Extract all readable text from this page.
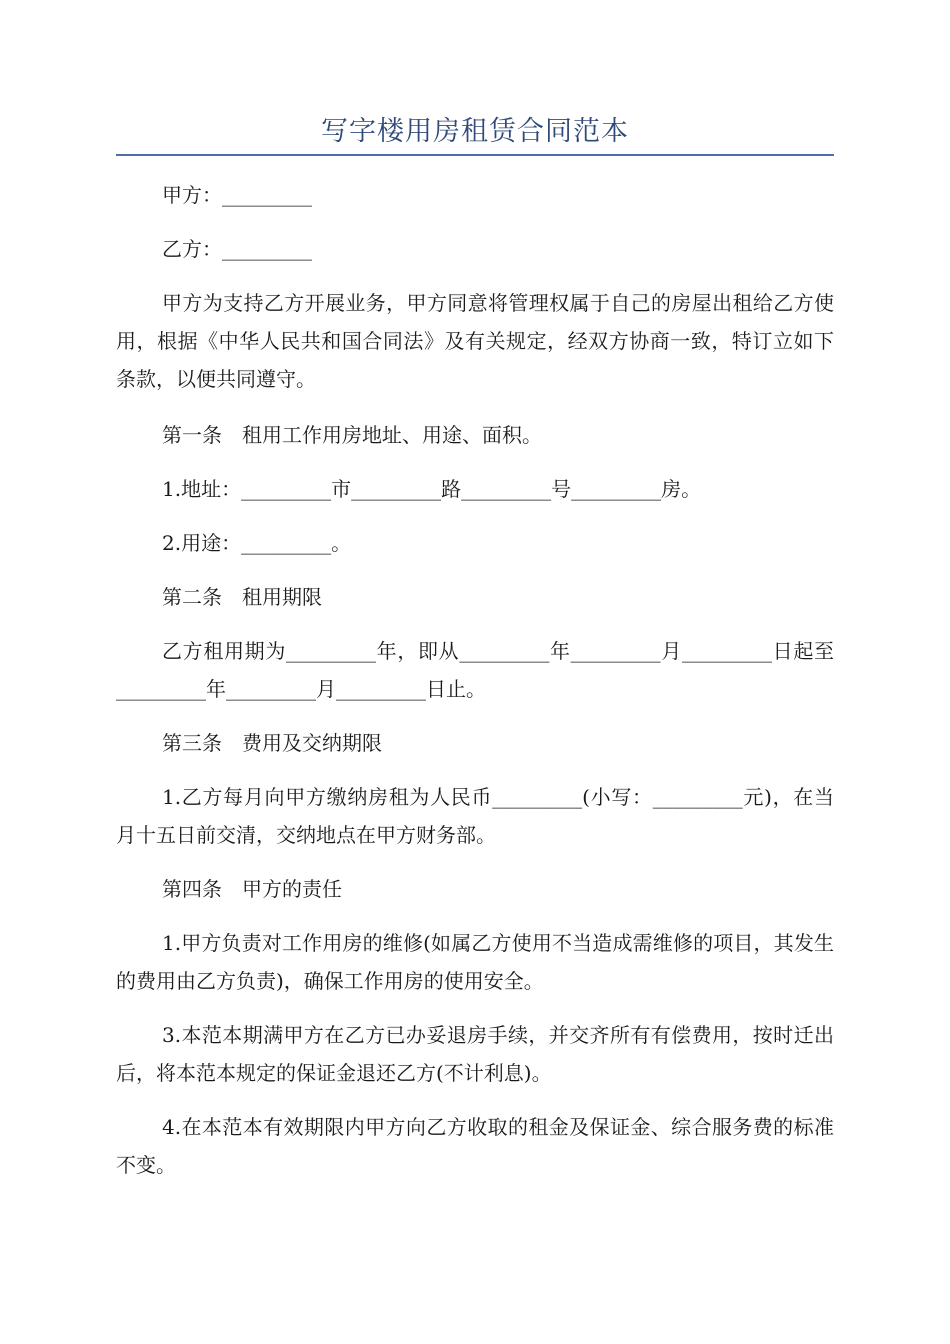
写字楼用房租赁合同范本

甲方：_________

乙方：_________

甲方为支持乙方开展业务，甲方同意将管理权属于自己的房屋出租给乙方使用，根据《中华人民共和国合同法》及有关规定，经双方协商一致，特订立如下条款，以便共同遵守。

第一条　租用工作用房地址、用途、面积。

1.地址：_________市_________路_________号_________房。

2.用途：_________。

第二条　租用期限

乙方租用期为_________年，即从_________年_________月_________日起至_________年_________月_________日止。

第三条　费用及交纳期限

1.乙方每月向甲方缴纳房租为人民币_________(小写：_________元)，在当月十五日前交清，交纳地点在甲方财务部。

第四条　甲方的责任

1.甲方负责对工作用房的维修(如属乙方使用不当造成需维修的项目，其发生的费用由乙方负责)，确保工作用房的使用安全。

3.本范本期满甲方在乙方已办妥退房手续，并交齐所有有偿费用，按时迁出后，将本范本规定的保证金退还乙方(不计利息)。

4.在本范本有效期限内甲方向乙方收取的租金及保证金、综合服务费的标准不变。
